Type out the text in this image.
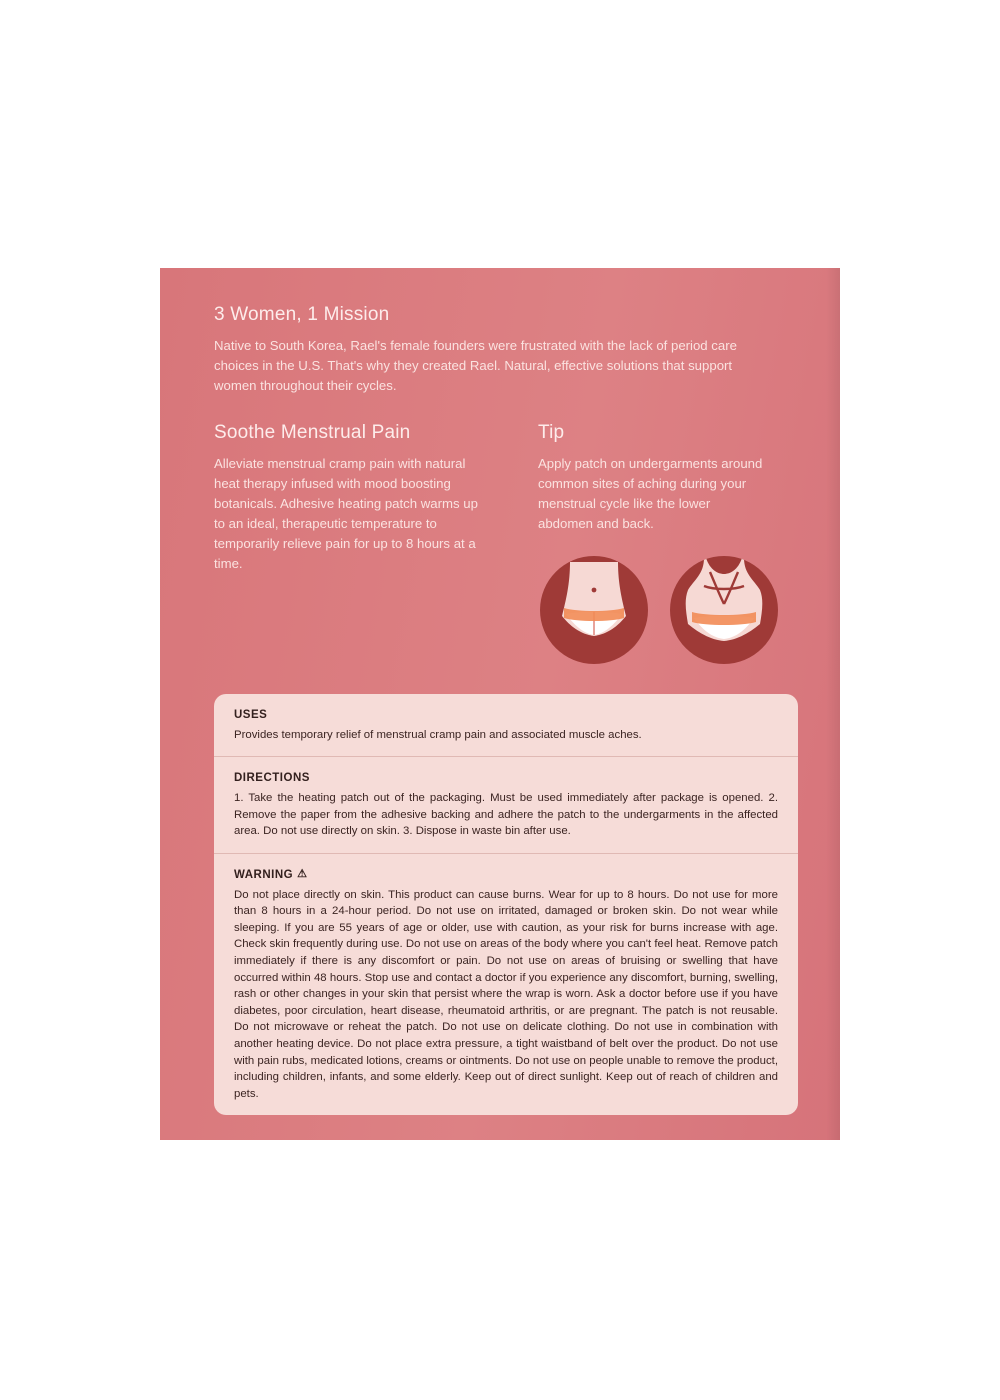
3 Women, 1 Mission

Native to South Korea, Rael's female founders were frustrated with the lack of period care choices in the U.S. That's why they created Rael. Natural, effective solutions that support women throughout their cycles.

Soothe Menstrual Pain

Alleviate menstrual cramp pain with natural heat therapy infused with mood boosting botanicals. Adhesive heating patch warms up to an ideal, therapeutic temperature to temporarily relieve pain for up to 8 hours at a time.

Tip

Apply patch on undergarments around common sites of aching during your menstrual cycle like the lower abdomen and back.

USES

Provides temporary relief of menstrual cramp pain and associated muscle aches.

DIRECTIONS

1. Take the heating patch out of the packaging. Must be used immediately after package is opened. 2. Remove the paper from the adhesive backing and adhere the patch to the undergarments in the affected area. Do not use directly on skin. 3. Dispose in waste bin after use.

WARNING ⚠

Do not place directly on skin. This product can cause burns. Wear for up to 8 hours. Do not use for more than 8 hours in a 24-hour period. Do not use on irritated, damaged or broken skin. Do not wear while sleeping. If you are 55 years of age or older, use with caution, as your risk for burns increase with age. Check skin frequently during use. Do not use on areas of the body where you can't feel heat. Remove patch immediately if there is any discomfort or pain. Do not use on areas of bruising or swelling that have occurred within 48 hours. Stop use and contact a doctor if you experience any discomfort, burning, swelling, rash or other changes in your skin that persist where the wrap is worn. Ask a doctor before use if you have diabetes, poor circulation, heart disease, rheumatoid arthritis, or are pregnant. The patch is not reusable. Do not microwave or reheat the patch. Do not use on delicate clothing. Do not use in combination with another heating device. Do not place extra pressure, a tight waistband of belt over the product. Do not use with pain rubs, medicated lotions, creams or ointments. Do not use on people unable to remove the product, including children, infants, and some elderly. Keep out of direct sunlight. Keep out of reach of children and pets.
